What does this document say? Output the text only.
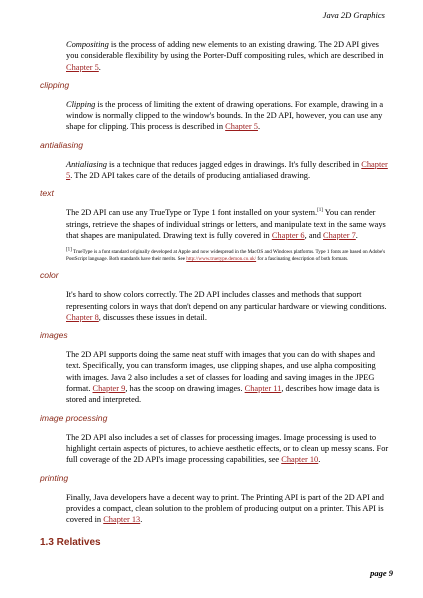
Java 2D Graphics

Compositing is the process of adding new elements to an existing drawing. The 2D API gives you considerable flexibility by using the Porter-Duff compositing rules, which are described in Chapter 5.

clipping

Clipping is the process of limiting the extent of drawing operations. For example, drawing in a window is normally clipped to the window's bounds. In the 2D API, however, you can use any shape for clipping. This process is described in Chapter 5.

antialiasing

Antialiasing is a technique that reduces jagged edges in drawings. It's fully described in Chapter 5. The 2D API takes care of the details of producing antialiased drawing.

text

The 2D API can use any TrueType or Type 1 font installed on your system.[1] You can render strings, retrieve the shapes of individual strings or letters, and manipulate text in the same ways that shapes are manipulated. Drawing text is fully covered in Chapter 6, and Chapter 7.

[1] TrueType is a font standard originally developed at Apple and now widespread in the MacOS and Windows platforms. Type 1 fonts are based on Adobe's PostScript language. Both standards have their merits. See http://www.truetype.demon.co.uk/ for a fascinating description of both formats.

color

It's hard to show colors correctly. The 2D API includes classes and methods that support representing colors in ways that don't depend on any particular hardware or viewing conditions. Chapter 8, discusses these issues in detail.

images

The 2D API supports doing the same neat stuff with images that you can do with shapes and text. Specifically, you can transform images, use clipping shapes, and use alpha compositing with images. Java 2 also includes a set of classes for loading and saving images in the JPEG format. Chapter 9, has the scoop on drawing images. Chapter 11, describes how image data is stored and interpreted.

image processing

The 2D API also includes a set of classes for processing images. Image processing is used to highlight certain aspects of pictures, to achieve aesthetic effects, or to clean up messy scans. For full coverage of the 2D API's image processing capabilities, see Chapter 10.

printing

Finally, Java developers have a decent way to print. The Printing API is part of the 2D API and provides a compact, clean solution to the problem of producing output on a printer. This API is covered in Chapter 13.

1.3 Relatives
page 9
